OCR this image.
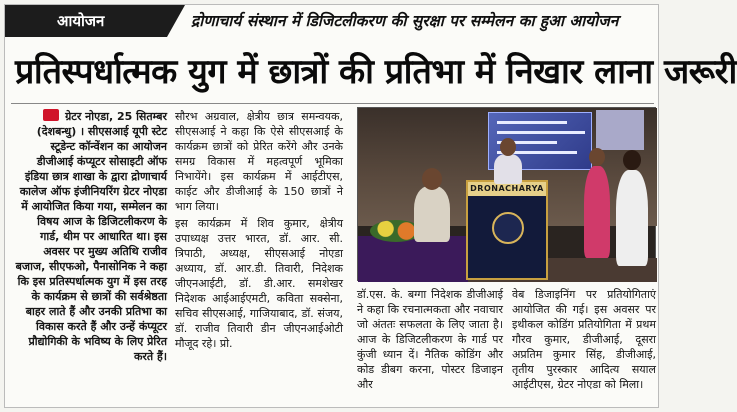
आयोजन	द्रोणाचार्य संस्थान में डिजिटलीकरण की सुरक्षा पर सम्मेलन का हुआ आयोजन
प्रतिस्पर्धात्मक युग में छात्रों की प्रतिभा में निखार लाना जरूरी

ग्रेटर नोएडा, 25 सितम्बर (देशबन्धु) । सीएसआई यूपी स्टेट स्टूडेन्ट कॉन्वेंशन का आयोजन डीजीआई कंप्यूटर सोसाइटी ऑफ इंडिया छात्र शाखा के द्वारा द्रोणाचार्य कालेज ऑफ इंजीनियरिंग ग्रेटर नोएडा में आयोजित किया गया, सम्मेलन का विषय आज के डिजिटलीकरण के गार्ड, थीम पर आधारित था। इस अवसर पर मुख्य अतिथि राजीव बजाज, सीएफओ, पैनासोनिक ने कहा कि इस प्रतिस्पर्धात्मक युग में इस तरह के कार्यक्रम से छात्रों की सर्वश्रेष्ठता बाहर लाते हैं और उनकी प्रतिभा का विकास करते हैं और उन्हें कंप्यूटर प्रौद्योगिकी के भविष्य के लिए प्रेरित करते हैं।

सौरभ अग्रवाल, क्षेत्रीय छात्र समन्वयक, सीएसआई ने कहा कि ऐसे सीएसआई के कार्यक्रम छात्रों को प्रेरित करेंगे और उनके समग्र विकास में महत्वपूर्ण भूमिका निभायेंगे। इस कार्यक्रम में आईटीएस, काईट और डीजीआई के 150 छात्रों ने भाग लिया।

इस कार्यक्रम में शिव कुमार, क्षेत्रीय उपाध्यक्ष उत्तर भारत, डॉ. आर. सी. त्रिपाठी, अध्यक्ष, सीएसआई नोएडा अध्याय, डॉ. आर.डी. तिवारी, निदेशक जीएनआईटी, डॉ. डी.आर. समशेखर निदेशक आईआईएमटी, कविता सक्सेना, सचिव सीएसआई, गाजियाबाद, डॉ. संजय, डॉ. राजीव तिवारी डीन जीएनआईओटी मौजूद रहे। प्रो.

DRONACHARYA

डॉ.एस. के. बग्गा निदेशक डीजीआई ने कहा कि रचनात्मकता और नवाचार जो अंततः सफलता के लिए जाता है। आज के डिजिटलीकरण के गार्ड पर कुंजी ध्यान दें। नैतिक कोडिंग और कोड डीबग करना, पोस्टर डिजाइन और

वेब डिजाइनिंग पर प्रतियोगिताएं आयोजित की गई। इस अवसर पर इथीकल कोडिंग प्रतियोगिता में प्रथम गौरव कुमार, डीजीआई, दूसरा अप्रतिम कुमार सिंह, डीजीआई, तृतीय पुरस्कार आदित्य सयाल आईटीएस, ग्रेटर नोएडा को मिला।
